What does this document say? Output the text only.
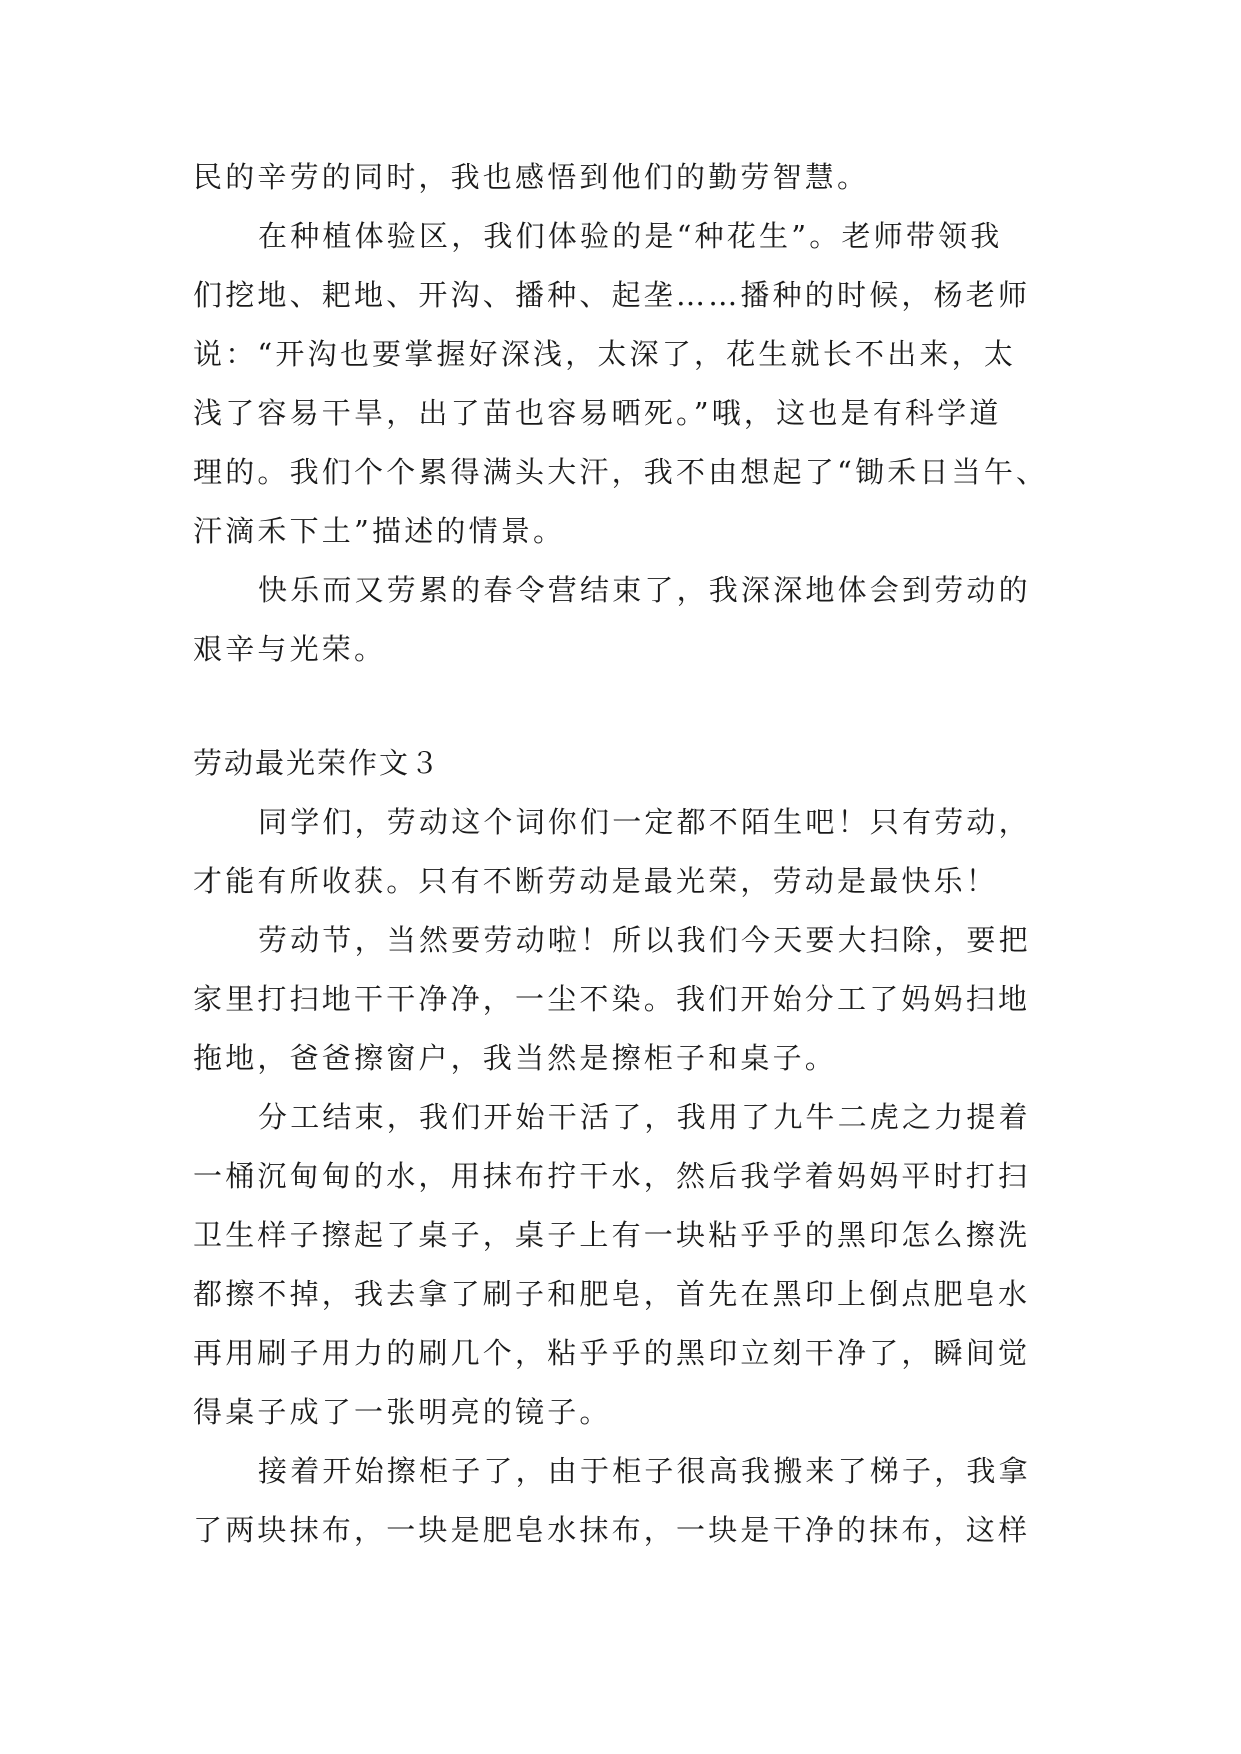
民的辛劳的同时，我也感悟到他们的勤劳智慧。
在种植体验区，我们体验的是“种花生”。老师带领我
们挖地、耙地、开沟、播种、起垄……播种的时候，杨老师
说：“开沟也要掌握好深浅，太深了，花生就长不出来，太
浅了容易干旱，出了苗也容易晒死。”哦，这也是有科学道
理的。我们个个累得满头大汗，我不由想起了“锄禾日当午、
汗滴禾下土”描述的情景。
快乐而又劳累的春令营结束了，我深深地体会到劳动的
艰辛与光荣。
劳动最光荣作文３
同学们，劳动这个词你们一定都不陌生吧！只有劳动，
才能有所收获。只有不断劳动是最光荣，劳动是最快乐！
劳动节，当然要劳动啦！所以我们今天要大扫除，要把
家里打扫地干干净净，一尘不染。我们开始分工了妈妈扫地
拖地，爸爸擦窗户，我当然是擦柜子和桌子。
分工结束，我们开始干活了，我用了九牛二虎之力提着
一桶沉甸甸的水，用抹布拧干水，然后我学着妈妈平时打扫
卫生样子擦起了桌子，桌子上有一块粘乎乎的黑印怎么擦洗
都擦不掉，我去拿了刷子和肥皂，首先在黑印上倒点肥皂水
再用刷子用力的刷几个，粘乎乎的黑印立刻干净了，瞬间觉
得桌子成了一张明亮的镜子。
接着开始擦柜子了，由于柜子很高我搬来了梯子，我拿
了两块抹布，一块是肥皂水抹布，一块是干净的抹布，这样
